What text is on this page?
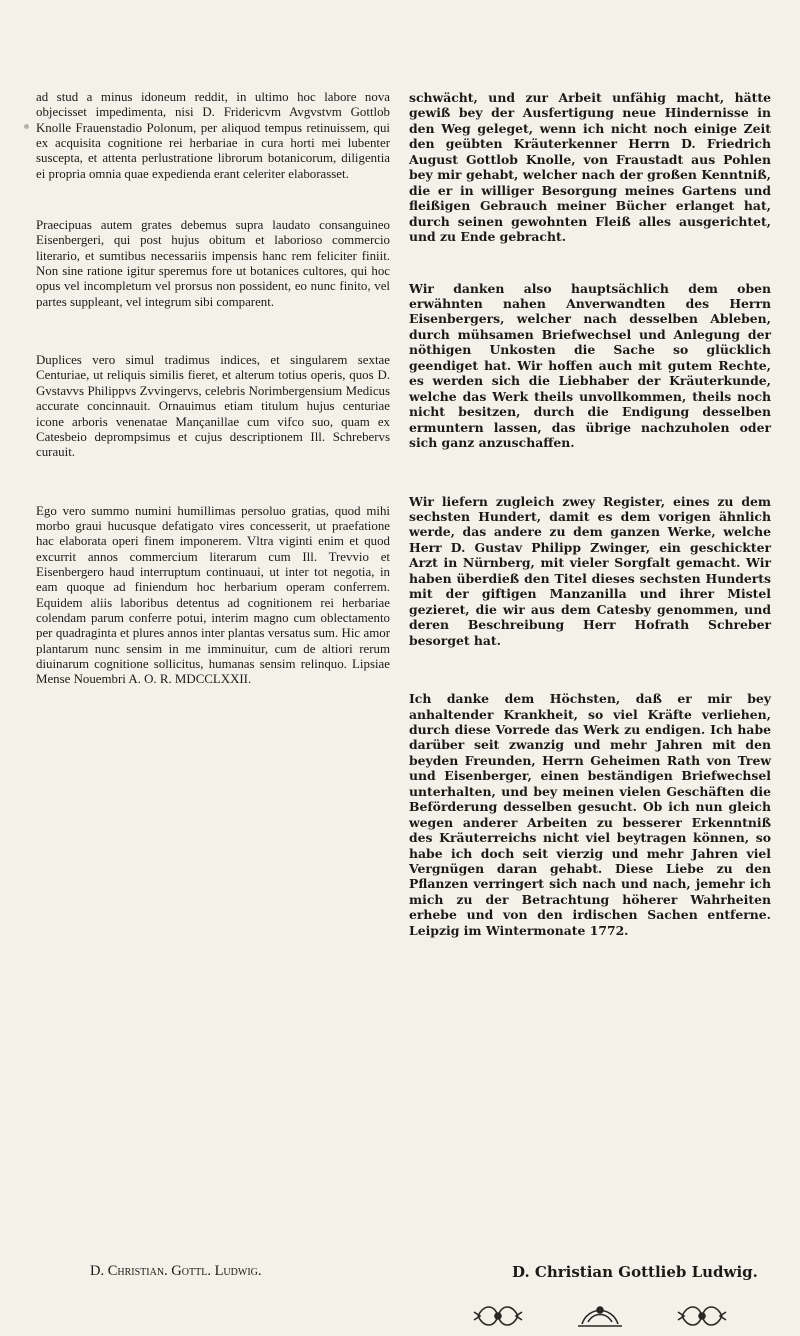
ad stud a minus idoneum reddit, in ultimo hoc labore nova objecisset impedimenta, nisi D. Fridericvm Avgvstvm Gottlob Knolle Frauenstadio Polonum, per aliquod tempus retinuissem, qui ex acquisita cognitione rei herbariae in cura horti mei lubenter suscepta, et attenta perlustratione librorum botanicorum, diligentia ei propria omnia quae expedienda erant celeriter elaborasset.

Praecipuas autem grates debemus supra laudato consanguineo Eisenbergeri, qui post hujus obitum et laborioso commercio literario, et sumtibus necessariis impensis hanc rem feliciter finiit. Non sine ratione igitur speremus fore ut botanices cultores, qui hoc opus vel incompletum vel prorsus non possident, eo nunc finito, vel partes suppleant, vel integrum sibi comparent.

Duplices vero simul tradimus indices, et singularem sextae Centuriae, ut reliquis similis fieret, et alterum totius operis, quos D. Gvstavvs Philippvs Zvvingervs, celebris Norimbergensium Medicus accurate concinnauit. Ornauimus etiam titulum hujus centuriae icone arboris venenatae Mançanillae cum vifco suo, quam ex Catesbeio deprompsimus et cujus descriptionem Ill. Schrebervs curauit.

Ego vero summo numini humillimas persoluo gratias, quod mihi morbo graui hucusque defatigato vires concesserit, ut praefatione hac elaborata operi finem imponerem. Vltra viginti enim et quod excurrit annos commercium literarum cum Ill. Trevvio et Eisenbergero haud interruptum continuaui, ut inter tot negotia, in eam quoque ad finiendum hoc herbarium operam conferrem. Equidem aliis laboribus detentus ad cognitionem rei herbariae colendam parum conferre potui, interim magno cum oblectamento per quadraginta et plures annos inter plantas versatus sum. Hic amor plantarum nunc sensim in me imminuitur, cum de altiori rerum diuinarum cognitione sollicitus, humanas sensim relinquo. Lipsiae Mense Nouembri A. O. R. MDCCLXXII.

schwächt, und zur Arbeit unfähig macht, hätte gewiß bey der Ausfertigung neue Hindernisse in den Weg geleget, wenn ich nicht noch einige Zeit den geübten Kräuterkenner Herrn D. Friedrich August Gottlob Knolle, von Fraustadt aus Pohlen bey mir gehabt, welcher nach der großen Kenntniß, die er in williger Besorgung meines Gartens und fleißigen Gebrauch meiner Bücher erlanget hat, durch seinen gewohnten Fleiß alles ausgerichtet, und zu Ende gebracht.

Wir danken also hauptsächlich dem oben erwähnten nahen Anverwandten des Herrn Eisenbergers, welcher nach desselben Ableben, durch mühsamen Briefwechsel und Anlegung der nöthigen Unkosten die Sache so glücklich geendiget hat. Wir hoffen auch mit gutem Rechte, es werden sich die Liebhaber der Kräuterkunde, welche das Werk theils unvollkommen, theils noch nicht besitzen, durch die Endigung desselben ermuntern lassen, das übrige nachzuholen oder sich ganz anzuschaffen.

Wir liefern zugleich zwey Register, eines zu dem sechsten Hundert, damit es dem vorigen ähnlich werde, das andere zu dem ganzen Werke, welche Herr D. Gustav Philipp Zwinger, ein geschickter Arzt in Nürnberg, mit vieler Sorgfalt gemacht. Wir haben überdieß den Titel dieses sechsten Hunderts mit der giftigen Manzanilla und ihrer Mistel gezieret, die wir aus dem Catesby genommen, und deren Beschreibung Herr Hofrath Schreber besorget hat.

Ich danke dem Höchsten, daß er mir bey anhaltender Krankheit, so viel Kräfte verliehen, durch diese Vorrede das Werk zu endigen. Ich habe darüber seit zwanzig und mehr Jahren mit den beyden Freunden, Herrn Geheimen Rath von Trew und Eisenberger, einen beständigen Briefwechsel unterhalten, und bey meinen vielen Geschäften die Beförderung desselben gesucht. Ob ich nun gleich wegen anderer Arbeiten zu besserer Erkenntniß des Kräuterreichs nicht viel beytragen können, so habe ich doch seit vierzig und mehr Jahren viel Vergnügen daran gehabt. Diese Liebe zu den Pflanzen verringert sich nach und nach, jemehr ich mich zu der Betrachtung höherer Wahrheiten erhebe und von den irdischen Sachen entferne. Leipzig im Wintermonate 1772.

D. Christian. Gottl. Ludwig.	D. Christian Gottlieb Ludwig.
